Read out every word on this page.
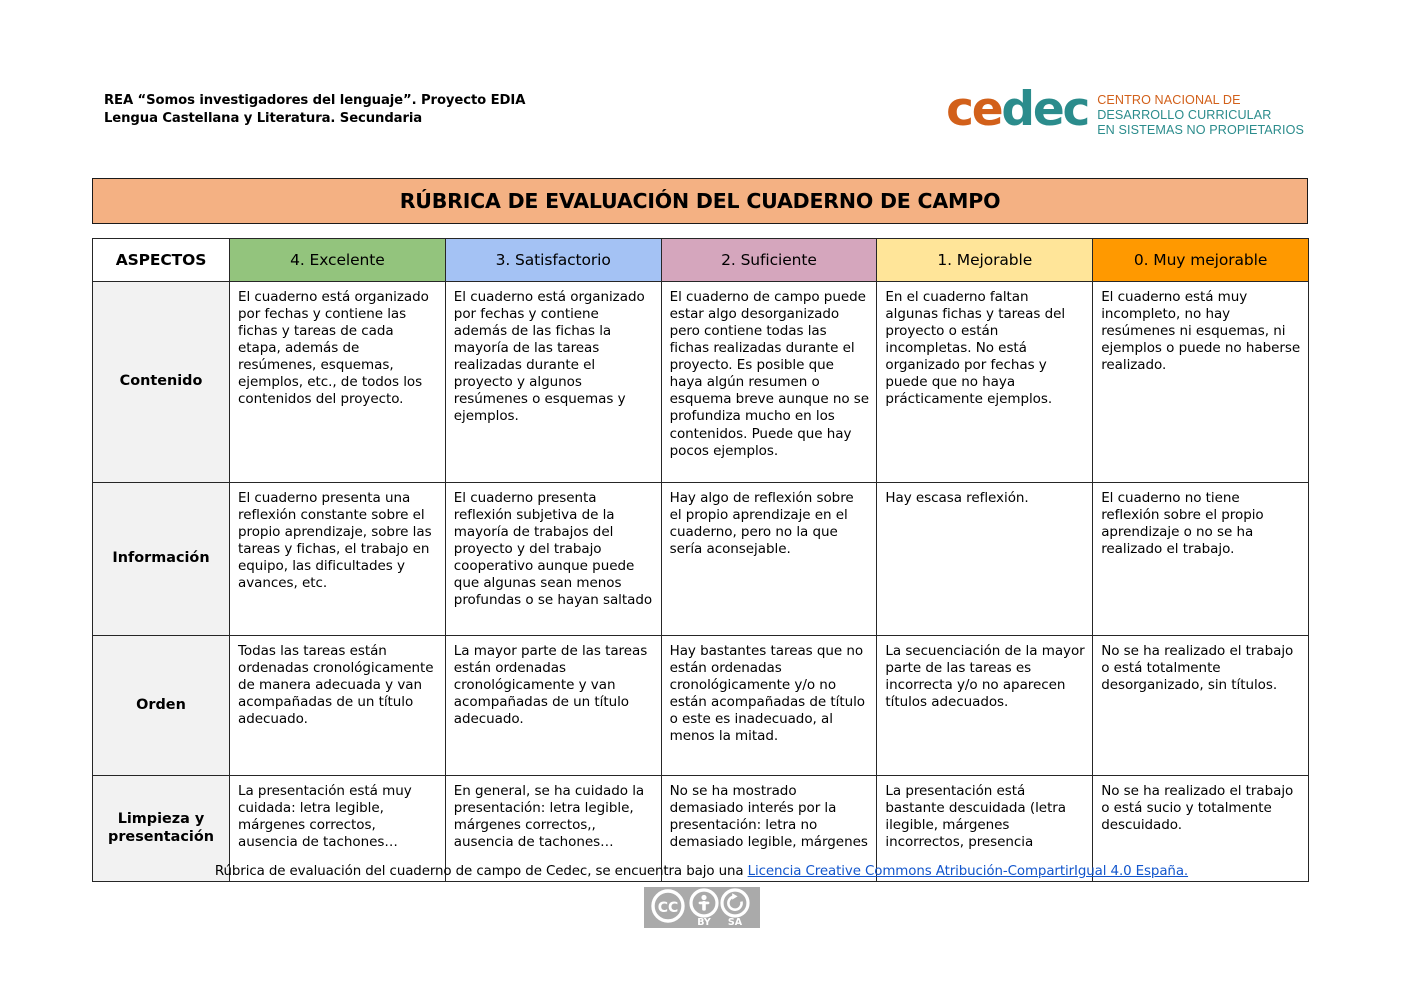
REA “Somos investigadores del lenguaje”. Proyecto EDIA
Lengua Castellana y Literatura. Secundaria	cedec CENTRO NACIONAL DE
DESARROLLO CURRICULAR
EN SISTEMAS NO PROPIETARIOS
RÚBRICA DE EVALUACIÓN DEL CUADERNO DE CAMPO
ASPECTOS	4. Excelente	3. Satisfactorio	2. Suficiente	1. Mejorable	0. Muy mejorable
Contenido	El cuaderno está organizado por fechas y contiene las fichas y tareas de cada etapa, además de resúmenes, esquemas, ejemplos, etc., de todos los contenidos del proyecto.	El cuaderno está organizado por fechas y contiene además de las fichas la mayoría de las tareas realizadas durante el proyecto y algunos resúmenes o esquemas y ejemplos.	El cuaderno de campo puede estar algo desorganizado pero contiene todas las fichas realizadas durante el proyecto. Es posible que haya algún resumen o esquema breve aunque no se profundiza mucho en los contenidos. Puede que hay pocos ejemplos.	En el cuaderno faltan algunas fichas y tareas del proyecto o están incompletas. No está organizado por fechas y puede que no haya prácticamente ejemplos.	El cuaderno está muy incompleto, no hay resúmenes ni esquemas, ni ejemplos o puede no haberse realizado.
Información	El cuaderno presenta una reflexión constante sobre el propio aprendizaje, sobre las tareas y fichas, el trabajo en equipo, las dificultades y avances, etc.	El cuaderno presenta reflexión subjetiva de la mayoría de trabajos del proyecto y del trabajo cooperativo aunque puede que algunas sean menos profundas o se hayan saltado	Hay algo de reflexión sobre el propio aprendizaje en el cuaderno, pero no la que sería aconsejable.	Hay escasa reflexión.	El cuaderno no tiene reflexión sobre el propio aprendizaje o no se ha realizado el trabajo.
Orden	Todas las tareas están ordenadas cronológicamente de manera adecuada y van acompañadas de un título adecuado.	La mayor parte de las tareas están ordenadas cronológicamente y van acompañadas de un título adecuado.	Hay bastantes tareas que no están ordenadas cronológicamente y/o no están acompañadas de título o este es inadecuado, al menos la mitad.	La secuenciación de la mayor parte de las tareas es incorrecta y/o no aparecen títulos adecuados.	No se ha realizado el trabajo o está totalmente desorganizado, sin títulos.
Limpieza y presentación	La presentación está muy cuidada: letra legible, márgenes correctos, ausencia de tachones…	En general, se ha cuidado la presentación: letra legible, márgenes correctos,, ausencia de tachones…	No se ha mostrado demasiado interés por la presentación: letra no demasiado legible, márgenes	La presentación está bastante descuidada (letra ilegible, márgenes incorrectos, presencia	No se ha realizado el trabajo o está sucio y totalmente descuidado.
Rúbrica de evaluación del cuaderno de campo de Cedec, se encuentra bajo una Licencia Creative Commons Atribución-CompartirIgual 4.0 España.
CC
BY SA
